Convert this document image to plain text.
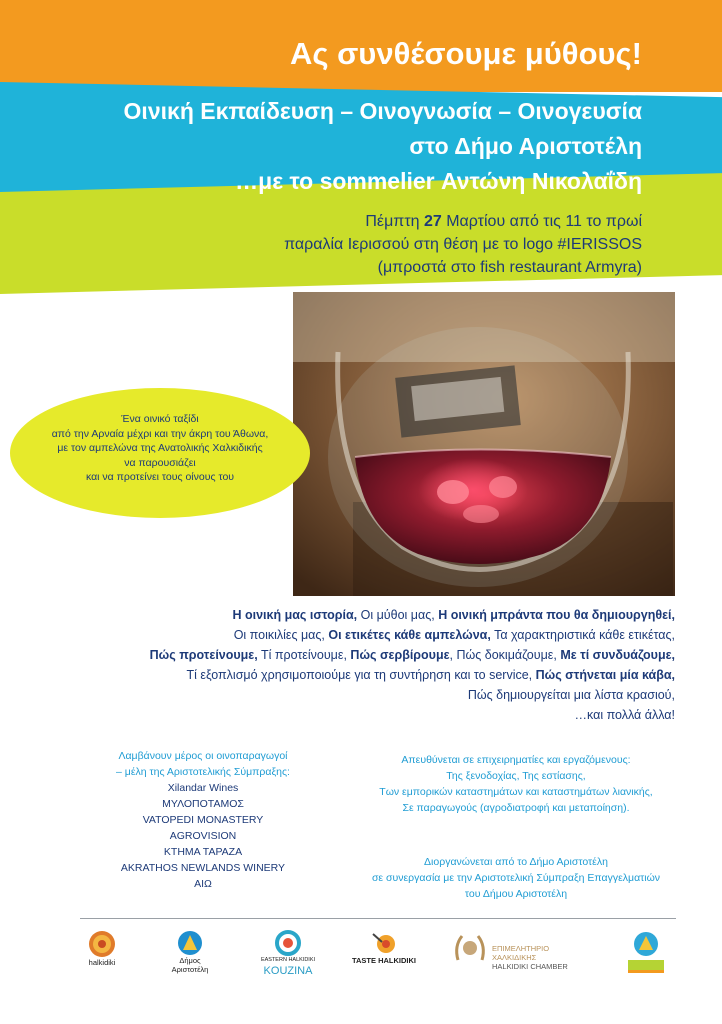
Ας συνθέσουμε μύθους!
Οινική Εκπαίδευση – Οινογνωσία – Οινογευσία
στο Δήμο Αριστοτέλη
…με το sommelier Αντώνη Νικολαΐδη
Πέμπτη 27 Μαρτίου από τις 11 το πρωί
παραλία Ιερισσού στη θέση με το logo #IERISSOS
(μπροστά στο fish restaurant Armyra)
Ένα οινικό ταξίδι
από την Αρναία μέχρι και την άκρη του Άθωνα,
με τον αμπελώνα της Ανατολικής Χαλκιδικής
να παρουσιάζει
και να προτείνει τους οίνους του
Η οινική μας ιστορία, Οι μύθοι μας, Η οινική μπράντα που θα δημιουργηθεί,
Οι ποικιλίες μας, Οι ετικέτες κάθε αμπελώνα, Τα χαρακτηριστικά κάθε ετικέτας,
Πώς προτείνουμε, Τί προτείνουμε, Πώς σερβίρουμε, Πώς δοκιμάζουμε, Με τί συνδυάζουμε,
Τί εξοπλισμό χρησιμοποιούμε για τη συντήρηση και το service, Πώς στήνεται μία κάβα,
Πώς δημιουργείται μια λίστα κρασιού,
…και πολλά άλλα!
Λαμβάνουν μέρος οι οινοπαραγωγοί
– μέλη της Αριστοτελικής Σύμπραξης:
Xilandar Wines
ΜΥΛΟΠΟΤΑΜΟΣ
VATOPEDI MONASTERY
AGROVISION
ΚΤΗΜΑ ΤΑΡΑΖΑ
AKRATHOS NEWLANDS WINERY
ΑΙΩ
Απευθύνεται σε επιχειρηματίες και εργαζόμενους:
Της ξενοδοχίας, Της εστίασης,
Των εμπορικών καταστημάτων και καταστημάτων λιανικής,
Σε παραγωγούς (αγροδιατροφή και μεταποίηση).
Διοργανώνεται από το Δήμο Αριστοτέλη
σε συνεργασία με την Αριστοτελική Σύμπραξη Επαγγελματιών
του Δήμου Αριστοτέλη
halkidiki	Δήμος
Αριστοτέλη
EASTERN HALKIDIKI
KOUZINA
TASTE HALKIDIKI
ΕΠΙΜΕΛΗΤΗΡΙΟ
ΧΑΛΚΙΔΙΚΗΣ
HALKIDIKI CHAMBER
